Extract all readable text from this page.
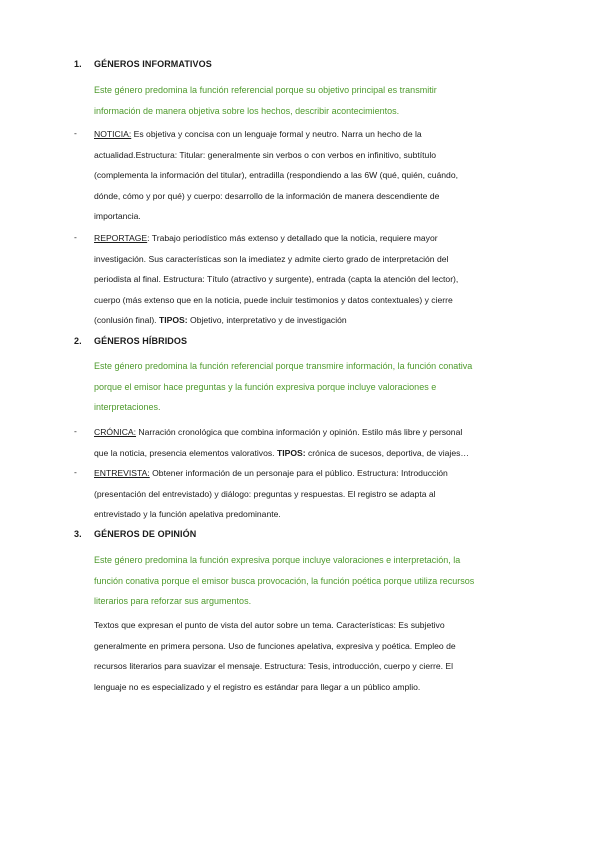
1. GÉNEROS INFORMATIVOS
Este género predomina la función referencial porque su objetivo principal es transmitir
información de manera objetiva sobre los hechos, describir acontecimientos.
-	NOTICIA: Es objetiva y concisa con un lenguaje formal y neutro. Narra un hecho de la
actualidad.Estructura: Titular: generalmente sin verbos o con verbos en infinitivo, subtítulo
(complementa la información del titular), entradilla (respondiendo a las 6W (qué, quién, cuándo,
dónde, cómo y por qué) y cuerpo: desarrollo de la información de manera descendiente de
importancia.
-	REPORTAGE: Trabajo periodístico más extenso y detallado que la noticia, requiere mayor
investigación. Sus características son la imediatez y admite cierto grado de interpretación del
periodista al final. Estructura: Título (atractivo y surgente), entrada (capta la atención del lector),
cuerpo (más extenso que en la noticia, puede incluir testimonios y datos contextuales) y cierre
(conlusión final). TIPOS: Objetivo, interpretativo y de investigación
2. GÉNEROS HÍBRIDOS
Este género predomina la función referencial porque transmire información, la función conativa
porque el emisor hace preguntas y la función expresiva porque incluye valoraciones e
interpretaciones.
-	CRÓNICA: Narración cronológica que combina información y opinión. Estilo más libre y personal
que la noticia, presencia elementos valorativos. TIPOS: crónica de sucesos, deportiva, de viajes…
-	ENTREVISTA: Obtener información de un personaje para el público. Estructura: Introducción
(presentación del entrevistado) y diálogo: preguntas y respuestas. El registro se adapta al
entrevistado y la función apelativa predominante.
3. GÉNEROS DE OPINIÓN
Este género predomina la función expresiva porque incluye valoraciones e interpretación, la
función conativa porque el emisor busca provocación, la función poética porque utiliza recursos
literarios para reforzar sus argumentos.
Textos que expresan el punto de vista del autor sobre un tema. Características: Es subjetivo
generalmente en primera persona. Uso de funciones apelativa, expresiva y poética. Empleo de
recursos literarios para suavizar el mensaje. Estructura: Tesis, introducción, cuerpo y cierre. El
lenguaje no es especializado y el registro es estándar para llegar a un público amplio.
